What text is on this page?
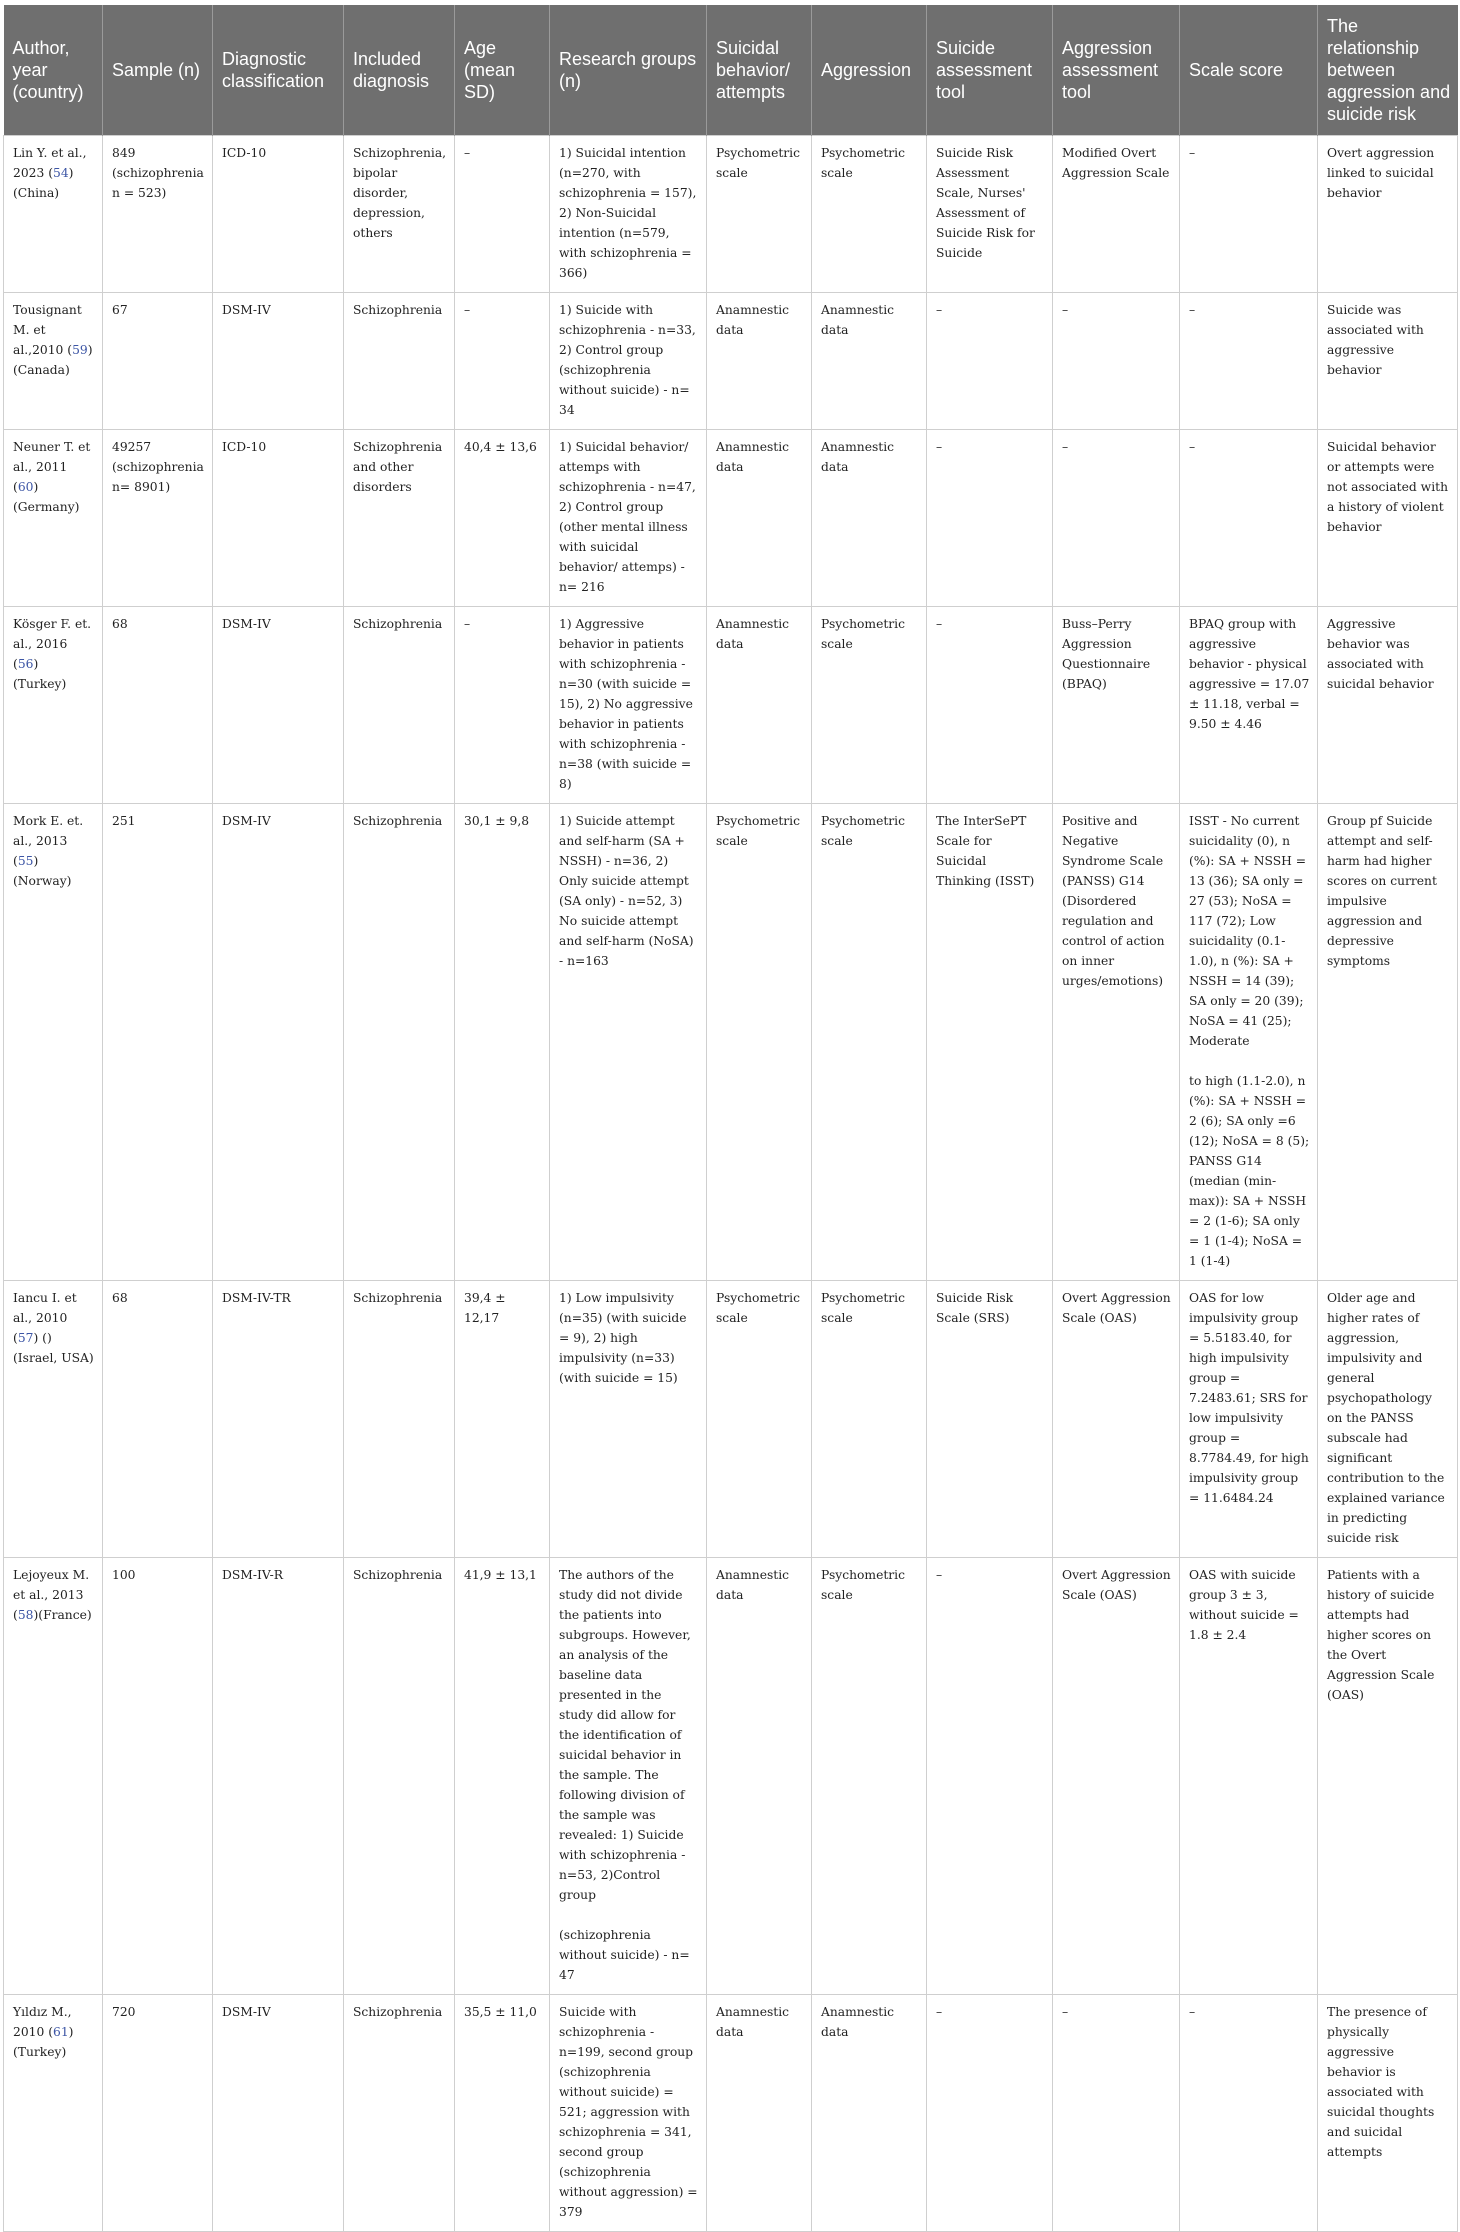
Author, year (country)	Sample (n)	Diagnostic classification	Included diagnosis	Age (mean SD)	Research groups (n)	Suicidal behavior/ attempts	Aggression	Suicide assessment tool	Aggression assessment tool	Scale score	The relationship between aggression and suicide risk
Lin Y. et al., 2023 (54)(China)	849 (schizophrenia n = 523)	ICD-10	Schizophrenia, bipolar disorder, depression, others	–	1) Suicidal intention (n=270, with schizophrenia = 157), 2) Non-Suicidal intention (n=579, with schizophrenia = 366)	Psychometric scale	Psychometric scale	Suicide Risk Assessment Scale, Nurses' Assessment of Suicide Risk for Suicide	Modified Overt Aggression Scale	–	Overt aggression linked to suicidal behavior
Tousignant M. et al.,2010 (59) (Canada)	67	DSM-IV	Schizophrenia	–	1) Suicide with schizophrenia - n=33, 2) Control group (schizophrenia without suicide) - n= 34	Anamnestic data	Anamnestic data	–	–	–	Suicide was associated with aggressive behavior
Neuner T. et al., 2011 (60) (Germany)	49257 (schizophrenia n= 8901)	ICD-10	Schizophrenia and other disorders	40,4 ± 13,6	1) Suicidal behavior/ attemps with schizophrenia - n=47, 2) Control group (other mental illness with suicidal behavior/ attemps) - n= 216	Anamnestic data	Anamnestic data	–	–	–	Suicidal behavior or attempts were not associated with a history of violent behavior
Kösger F. et. al., 2016 (56) (Turkey)	68	DSM-IV	Schizophrenia	–	1) Aggressive behavior in patients with schizophrenia - n=30 (with suicide = 15), 2) No aggressive behavior in patients with schizophrenia - n=38 (with suicide = 8)	Anamnestic data	Psychometric scale	–	Buss–Perry Aggression Questionnaire (BPAQ)	BPAQ group with aggressive behavior - physical aggressive = 17.07 ± 11.18, verbal = 9.50 ± 4.46	Aggressive behavior was associated with suicidal behavior
Mork E. et. al., 2013 (55) (Norway)	251	DSM-IV	Schizophrenia	30,1 ± 9,8	1) Suicide attempt and self-harm (SA + NSSH) - n=36, 2) Only suicide attempt (SA only) - n=52, 3) No suicide attempt and self-harm (NoSA) - n=163	Psychometric scale	Psychometric scale	The InterSePT Scale for Suicidal Thinking (ISST)	Positive and Negative Syndrome Scale (PANSS) G14 (Disordered regulation and control of action on inner urges/emotions)	ISST - No current suicidality (0), n (%): SA + NSSH = 13 (36); SA only = 27 (53); NoSA = 117 (72); Low suicidality (0.1-1.0), n (%): SA + NSSH = 14 (39); SA only = 20 (39); NoSA = 41 (25); Moderate

to high (1.1-2.0), n (%): SA + NSSH = 2 (6); SA only =6 (12); NoSA = 8 (5); PANSS G14 (median (min-max)): SA + NSSH = 2 (1-6); SA only = 1 (1-4); NoSA = 1 (1-4)	Group pf Suicide attempt and self-harm had higher scores on current impulsive aggression and depressive symptoms
Iancu I. et al., 2010 (57) () (Israel, USA)	68	DSM-IV-TR	Schizophrenia	39,4 ± 12,17	1) Low impulsivity (n=35) (with suicide = 9), 2) high impulsivity (n=33) (with suicide = 15)	Psychometric scale	Psychometric scale	Suicide Risk Scale (SRS)	Overt Aggression Scale (OAS)	OAS for low impulsivity group = 5.5183.40, for high impulsivity group = 7.2483.61; SRS for low impulsivity group = 8.7784.49, for high impulsivity group = 11.6484.24	Older age and higher rates of aggression, impulsivity and general psychopathology on the PANSS subscale had significant contribution to the explained variance in predicting suicide risk
Lejoyeux M. et al., 2013 (58)(France)	100	DSM-IV-R	Schizophrenia	41,9 ± 13,1	The authors of the study did not divide the patients into subgroups. However, an analysis of the baseline data presented in the study did allow for the identification of suicidal behavior in the sample. The following division of the sample was revealed: 1) Suicide with schizophrenia - n=53, 2)Control group

(schizophrenia without suicide) - n= 47	Anamnestic data	Psychometric scale	–	Overt Aggression Scale (OAS)	OAS with suicide group 3 ± 3, without suicide = 1.8 ± 2.4	Patients with a history of suicide attempts had higher scores on the Overt Aggression Scale (OAS)
Yıldız M., 2010 (61)(Turkey)	720	DSM-IV	Schizophrenia	35,5 ± 11,0	Suicide with schizophrenia - n=199, second group (schizophrenia without suicide) = 521; aggression with schizophrenia = 341, second group (schizophrenia without aggression) = 379	Anamnestic data	Anamnestic data	–	–	–	The presence of physically aggressive behavior is associated with suicidal thoughts and suicidal attempts
